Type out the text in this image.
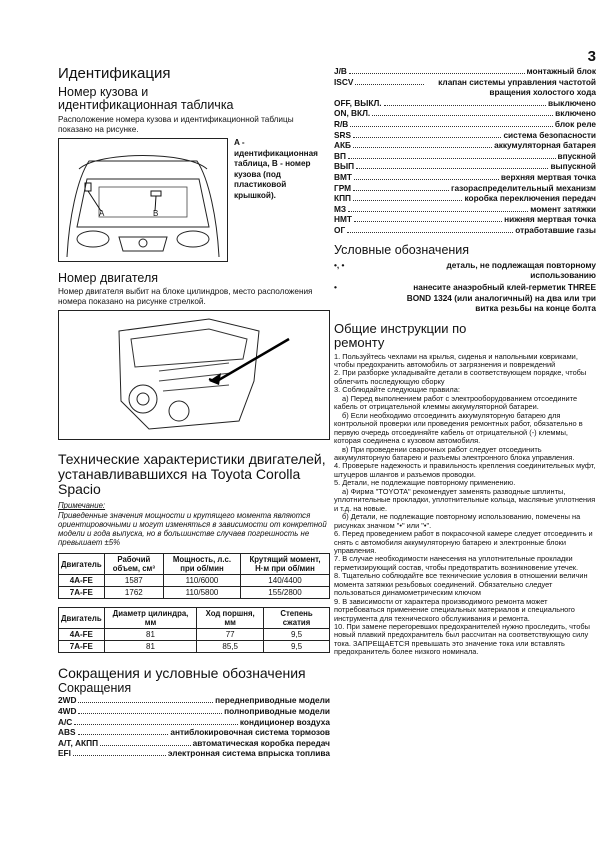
3
Идентификация
Номер кузова и идентификационная табличка
Расположение номера кузова и идентификационной таблицы показано на рисунке.
A	B
A - идентификационная таблица, B - номер кузова (под пластиковой крышкой).
Номер двигателя
Номер двигателя выбит на блоке цилиндров, место расположения номера показано на рисунке стрелкой.
Технические характеристики двигателей, устанавливавшихся на Toyota Corolla Spacio
Примечание:
Приведенные значения мощности и крутящего момента являются ориентировочными и могут изменяться в зависимости от конкретной модели и года выпуска, но в большинстве случаев погрешность не превышает ±5%
Двигатель	Рабочий объем, см³	Мощность, л.с. при об/мин	Крутящий момент, Н·м при об/мин
4A-FE	1587	110/6000	140/4400
7A-FE	1762	110/5800	155/2800
Двигатель	Диаметр цилиндра, мм	Ход поршня, мм	Степень сжатия
4A-FE	81	77	9,5
7A-FE	81	85,5	9,5
Сокращения и условные обозначения
Сокращения
2WD	переднеприводные модели
4WD	полноприводные модели
A/C	кондиционер воздуха
ABS	антиблокировочная система тормозов
A/T, АКПП	автоматическая коробка передач
EFI	электронная система впрыска топлива
J/B	монтажный блок
ISCV	клапан системы управления частотой вращения холостого хода
OFF, ВЫКЛ.	выключено
ON, ВКЛ.	включено
R/B	блок реле
SRS	система безопасности
АКБ	аккумуляторная батарея
ВП	впускной
ВЫП	выпускной
ВМТ	верхняя мертвая точка
ГРМ	газораспределительный механизм
КПП	коробка переключения передач
МЗ	момент затяжки
НМТ	нижняя мертвая точка
ОГ	отработавшие газы
Условные обозначения
•, •	деталь, не подлежащая повторному использованию
•	нанесите анаэробный клей-герметик THREE BOND 1324 (или аналогичный) на два или три витка резьбы на конце болта
Общие инструкции по ремонту
1. Пользуйтесь чехлами на крылья, сиденья и напольными ковриками, чтобы предохранить автомобиль от загрязнения и повреждений
2. При разборке укладывайте детали в соответствующем порядке, чтобы облегчить последующую сборку
3. Соблюдайте следующие правила:
а) Перед выполнением работ с электрооборудованием отсоедините кабель от отрицательной клеммы аккумуляторной батареи.
б) Если необходимо отсоединить аккумуляторную батарею для контрольной проверки или проведения ремонтных работ, обязательно в первую очередь отсоединяйте кабель от отрицательной (-) клеммы, которая соединена с кузовом автомобиля.
в) При проведении сварочных работ следует отсоединить аккумуляторную батарею и разъемы электронного блока управления.
4. Проверьте надежность и правильность крепления соединительных муфт, штуцеров шлангов и разъемов проводки.
5. Детали, не подлежащие повторному применению.
а) Фирма "TOYOTA" рекомендует заменять разводные шплинты, уплотнительные прокладки, уплотнительные кольца, масляные уплотнения и т.д. на новые.
б) Детали, не подлежащие повторному использованию, помечены на рисунках значком "•" или "•".
6. Перед проведением работ в покрасочной камере следует отсоединить и снять с автомобиля аккумуляторную батарею и электронные блоки управления.
7. В случае необходимости нанесения на уплотнительные прокладки герметизирующий состав, чтобы предотвратить возникновение утечек.
8. Тщательно соблюдайте все технические условия в отношении величин момента затяжки резьбовых соединений. Обязательно следует пользоваться динамометрическим ключом
9. В зависимости от характера производимого ремонта может потребоваться применение специальных материалов и специального инструмента для технического обслуживания и ремонта.
10. При замене перегоревших предохранителей нужно проследить, чтобы новый плавкий предохранитель был рассчитан на соответствующую силу тока. ЗАПРЕЩАЕТСЯ превышать это значение тока или вставлять предохранитель более низкого номинала.
